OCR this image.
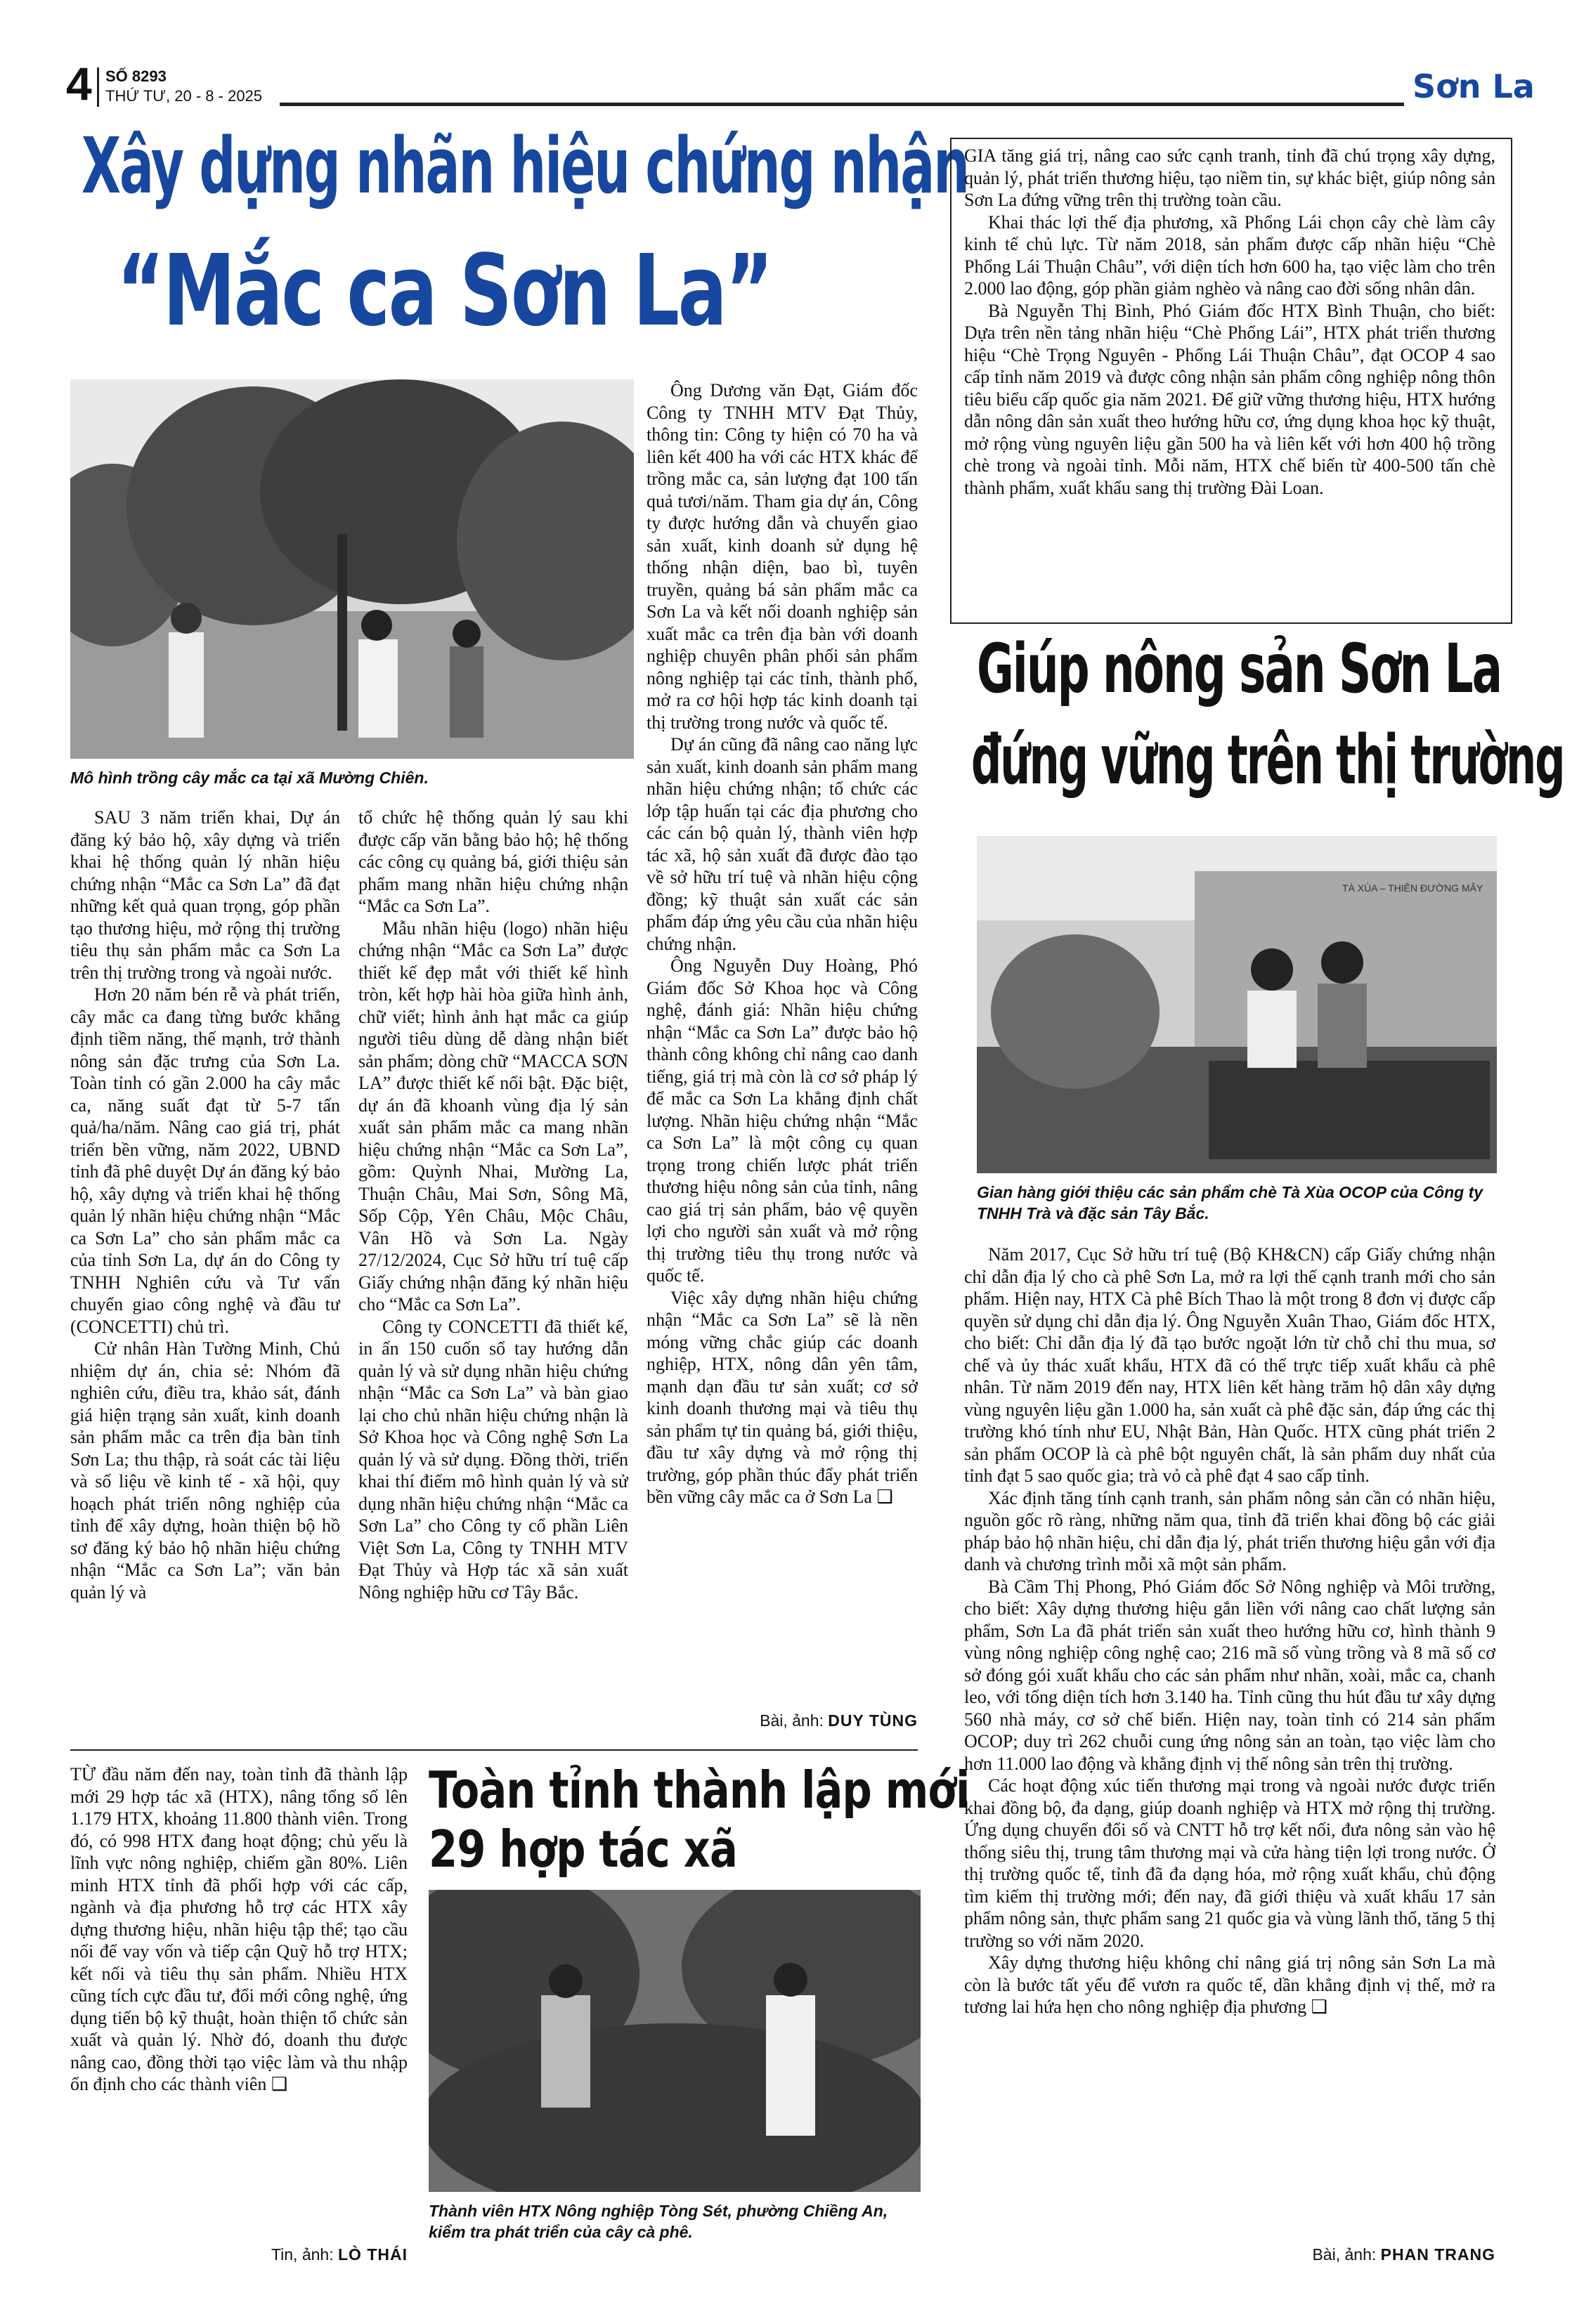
4 SỐ 8293
THỨ TƯ, 20 - 8 - 2025	Sơn La
Xây dựng nhãn hiệu chứng nhận
“Mắc ca Sơn La”
Mô hình trồng cây mắc ca tại xã Mường Chiên.

SAU 3 năm triển khai, Dự án đăng ký bảo hộ, xây dựng và triển khai hệ thống quản lý nhãn hiệu chứng nhận “Mắc ca Sơn La” đã đạt những kết quả quan trọng, góp phần tạo thương hiệu, mở rộng thị trường tiêu thụ sản phẩm mắc ca Sơn La trên thị trường trong và ngoài nước.

Hơn 20 năm bén rễ và phát triển, cây mắc ca đang từng bước khẳng định tiềm năng, thế mạnh, trở thành nông sản đặc trưng của Sơn La. Toàn tỉnh có gần 2.000 ha cây mắc ca, năng suất đạt từ 5-7 tấn quả/ha/năm. Nâng cao giá trị, phát triển bền vững, năm 2022, UBND tỉnh đã phê duyệt Dự án đăng ký bảo hộ, xây dựng và triển khai hệ thống quản lý nhãn hiệu chứng nhận “Mắc ca Sơn La” cho sản phẩm mắc ca của tỉnh Sơn La, dự án do Công ty TNHH Nghiên cứu và Tư vấn chuyển giao công nghệ và đầu tư (CONCETTI) chủ trì.

Cử nhân Hàn Tường Minh, Chủ nhiệm dự án, chia sẻ: Nhóm đã nghiên cứu, điều tra, khảo sát, đánh giá hiện trạng sản xuất, kinh doanh sản phẩm mắc ca trên địa bàn tỉnh Sơn La; thu thập, rà soát các tài liệu và số liệu về kinh tế - xã hội, quy hoạch phát triển nông nghiệp của tỉnh để xây dựng, hoàn thiện bộ hồ sơ đăng ký bảo hộ nhãn hiệu chứng nhận “Mắc ca Sơn La”; văn bản quản lý và

tổ chức hệ thống quản lý sau khi được cấp văn bằng bảo hộ; hệ thống các công cụ quảng bá, giới thiệu sản phẩm mang nhãn hiệu chứng nhận “Mắc ca Sơn La”.

Mẫu nhãn hiệu (logo) nhãn hiệu chứng nhận “Mắc ca Sơn La” được thiết kế đẹp mắt với thiết kế hình tròn, kết hợp hài hòa giữa hình ảnh, chữ viết; hình ảnh hạt mắc ca giúp người tiêu dùng dễ dàng nhận biết sản phẩm; dòng chữ “MACCA SƠN LA” được thiết kế nổi bật. Đặc biệt, dự án đã khoanh vùng địa lý sản xuất sản phẩm mắc ca mang nhãn hiệu chứng nhận “Mắc ca Sơn La”, gồm: Quỳnh Nhai, Mường La, Thuận Châu, Mai Sơn, Sông Mã, Sốp Cộp, Yên Châu, Mộc Châu, Vân Hồ và Sơn La. Ngày 27/12/2024, Cục Sở hữu trí tuệ cấp Giấy chứng nhận đăng ký nhãn hiệu cho “Mắc ca Sơn La”.

Công ty CONCETTI đã thiết kế, in ấn 150 cuốn sổ tay hướng dẫn quản lý và sử dụng nhãn hiệu chứng nhận “Mắc ca Sơn La” và bàn giao lại cho chủ nhãn hiệu chứng nhận là Sở Khoa học và Công nghệ Sơn La quản lý và sử dụng. Đồng thời, triển khai thí điểm mô hình quản lý và sử dụng nhãn hiệu chứng nhận “Mắc ca Sơn La” cho Công ty cổ phần Liên Việt Sơn La, Công ty TNHH MTV Đạt Thủy và Hợp tác xã sản xuất Nông nghiệp hữu cơ Tây Bắc.

Ông Dương văn Đạt, Giám đốc Công ty TNHH MTV Đạt Thủy, thông tin: Công ty hiện có 70 ha và liên kết 400 ha với các HTX khác để trồng mắc ca, sản lượng đạt 100 tấn quả tươi/năm. Tham gia dự án, Công ty được hướng dẫn và chuyển giao sản xuất, kinh doanh sử dụng hệ thống nhận diện, bao bì, tuyên truyền, quảng bá sản phẩm mắc ca Sơn La và kết nối doanh nghiệp sản xuất mắc ca trên địa bàn với doanh nghiệp chuyên phân phối sản phẩm nông nghiệp tại các tỉnh, thành phố, mở ra cơ hội hợp tác kinh doanh tại thị trường trong nước và quốc tế.

Dự án cũng đã nâng cao năng lực sản xuất, kinh doanh sản phẩm mang nhãn hiệu chứng nhận; tổ chức các lớp tập huấn tại các địa phương cho các cán bộ quản lý, thành viên hợp tác xã, hộ sản xuất đã được đào tạo về sở hữu trí tuệ và nhãn hiệu cộng đồng; kỹ thuật sản xuất các sản phẩm đáp ứng yêu cầu của nhãn hiệu chứng nhận.

Ông Nguyễn Duy Hoàng, Phó Giám đốc Sở Khoa học và Công nghệ, đánh giá: Nhãn hiệu chứng nhận “Mắc ca Sơn La” được bảo hộ thành công không chỉ nâng cao danh tiếng, giá trị mà còn là cơ sở pháp lý để mắc ca Sơn La khẳng định chất lượng. Nhãn hiệu chứng nhận “Mắc ca Sơn La” là một công cụ quan trọng trong chiến lược phát triển thương hiệu nông sản của tỉnh, nâng cao giá trị sản phẩm, bảo vệ quyền lợi cho người sản xuất và mở rộng thị trường tiêu thụ trong nước và quốc tế.

Việc xây dựng nhãn hiệu chứng nhận “Mắc ca Sơn La” sẽ là nền móng vững chắc giúp các doanh nghiệp, HTX, nông dân yên tâm, mạnh dạn đầu tư sản xuất; cơ sở kinh doanh thương mại và tiêu thụ sản phẩm tự tin quảng bá, giới thiệu, đầu tư xây dựng và mở rộng thị trường, góp phần thúc đẩy phát triển bền vững cây mắc ca ở Sơn La ❑

Bài, ảnh: DUY TÙNG

TỪ đầu năm đến nay, toàn tỉnh đã thành lập mới 29 hợp tác xã (HTX), nâng tổng số lên 1.179 HTX, khoảng 11.800 thành viên. Trong đó, có 998 HTX đang hoạt động; chủ yếu là lĩnh vực nông nghiệp, chiếm gần 80%. Liên minh HTX tỉnh đã phối hợp với các cấp, ngành và địa phương hỗ trợ các HTX xây dựng thương hiệu, nhãn hiệu tập thể; tạo cầu nối để vay vốn và tiếp cận Quỹ hỗ trợ HTX; kết nối và tiêu thụ sản phẩm. Nhiều HTX cũng tích cực đầu tư, đổi mới công nghệ, ứng dụng tiến bộ kỹ thuật, hoàn thiện tổ chức sản xuất và quản lý. Nhờ đó, doanh thu được nâng cao, đồng thời tạo việc làm và thu nhập ổn định cho các thành viên ❑

Tin, ảnh: LÒ THÁI
Toàn tỉnh thành lập mới
29 hợp tác xã
Thành viên HTX Nông nghiệp Tòng Sét, phường Chiềng An, kiểm tra phát triển của cây cà phê.

GIA tăng giá trị, nâng cao sức cạnh tranh, tỉnh đã chú trọng xây dựng, quản lý, phát triển thương hiệu, tạo niềm tin, sự khác biệt, giúp nông sản Sơn La đứng vững trên thị trường toàn cầu.

Khai thác lợi thế địa phương, xã Phổng Lái chọn cây chè làm cây kinh tế chủ lực. Từ năm 2018, sản phẩm được cấp nhãn hiệu “Chè Phổng Lái Thuận Châu”, với diện tích hơn 600 ha, tạo việc làm cho trên 2.000 lao động, góp phần giảm nghèo và nâng cao đời sống nhân dân.

Bà Nguyễn Thị Bình, Phó Giám đốc HTX Bình Thuận, cho biết: Dựa trên nền tảng nhãn hiệu “Chè Phổng Lái”, HTX phát triển thương hiệu “Chè Trọng Nguyên - Phổng Lái Thuận Châu”, đạt OCOP 4 sao cấp tỉnh năm 2019 và được công nhận sản phẩm công nghiệp nông thôn tiêu biểu cấp quốc gia năm 2021. Để giữ vững thương hiệu, HTX hướng dẫn nông dân sản xuất theo hướng hữu cơ, ứng dụng khoa học kỹ thuật, mở rộng vùng nguyên liệu gần 500 ha và liên kết với hơn 400 hộ trồng chè trong và ngoài tỉnh. Mỗi năm, HTX chế biến từ 400-500 tấn chè thành phẩm, xuất khẩu sang thị trường Đài Loan.

Giúp nông sản Sơn La
đứng vững trên thị trường
TÀ XÙA – THIÊN ĐƯỜNG MÂY
Gian hàng giới thiệu các sản phẩm chè Tà Xùa OCOP của Công ty TNHH Trà và đặc sản Tây Bắc.

Năm 2017, Cục Sở hữu trí tuệ (Bộ KH&CN) cấp Giấy chứng nhận chỉ dẫn địa lý cho cà phê Sơn La, mở ra lợi thế cạnh tranh mới cho sản phẩm. Hiện nay, HTX Cà phê Bích Thao là một trong 8 đơn vị được cấp quyền sử dụng chỉ dẫn địa lý. Ông Nguyễn Xuân Thao, Giám đốc HTX, cho biết: Chỉ dẫn địa lý đã tạo bước ngoặt lớn từ chỗ chỉ thu mua, sơ chế và ủy thác xuất khẩu, HTX đã có thể trực tiếp xuất khẩu cà phê nhân. Từ năm 2019 đến nay, HTX liên kết hàng trăm hộ dân xây dựng vùng nguyên liệu gần 1.000 ha, sản xuất cà phê đặc sản, đáp ứng các thị trường khó tính như EU, Nhật Bản, Hàn Quốc. HTX cũng phát triển 2 sản phẩm OCOP là cà phê bột nguyên chất, là sản phẩm duy nhất của tỉnh đạt 5 sao quốc gia; trà vỏ cà phê đạt 4 sao cấp tỉnh.

Xác định tăng tính cạnh tranh, sản phẩm nông sản cần có nhãn hiệu, nguồn gốc rõ ràng, những năm qua, tỉnh đã triển khai đồng bộ các giải pháp bảo hộ nhãn hiệu, chỉ dẫn địa lý, phát triển thương hiệu gắn với địa danh và chương trình mỗi xã một sản phẩm.

Bà Cầm Thị Phong, Phó Giám đốc Sở Nông nghiệp và Môi trường, cho biết: Xây dựng thương hiệu gắn liền với nâng cao chất lượng sản phẩm, Sơn La đã phát triển sản xuất theo hướng hữu cơ, hình thành 9 vùng nông nghiệp công nghệ cao; 216 mã số vùng trồng và 8 mã số cơ sở đóng gói xuất khẩu cho các sản phẩm như nhãn, xoài, mắc ca, chanh leo, với tổng diện tích hơn 3.140 ha. Tỉnh cũng thu hút đầu tư xây dựng 560 nhà máy, cơ sở chế biến. Hiện nay, toàn tỉnh có 214 sản phẩm OCOP; duy trì 262 chuỗi cung ứng nông sản an toàn, tạo việc làm cho hơn 11.000 lao động và khẳng định vị thế nông sản trên thị trường.

Các hoạt động xúc tiến thương mại trong và ngoài nước được triển khai đồng bộ, đa dạng, giúp doanh nghiệp và HTX mở rộng thị trường. Ứng dụng chuyển đổi số và CNTT hỗ trợ kết nối, đưa nông sản vào hệ thống siêu thị, trung tâm thương mại và cửa hàng tiện lợi trong nước. Ở thị trường quốc tế, tỉnh đã đa dạng hóa, mở rộng xuất khẩu, chủ động tìm kiếm thị trường mới; đến nay, đã giới thiệu và xuất khẩu 17 sản phẩm nông sản, thực phẩm sang 21 quốc gia và vùng lãnh thổ, tăng 5 thị trường so với năm 2020.

Xây dựng thương hiệu không chỉ nâng giá trị nông sản Sơn La mà còn là bước tất yếu để vươn ra quốc tế, dần khẳng định vị thế, mở ra tương lai hứa hẹn cho nông nghiệp địa phương ❑

Bài, ảnh: PHAN TRANG
